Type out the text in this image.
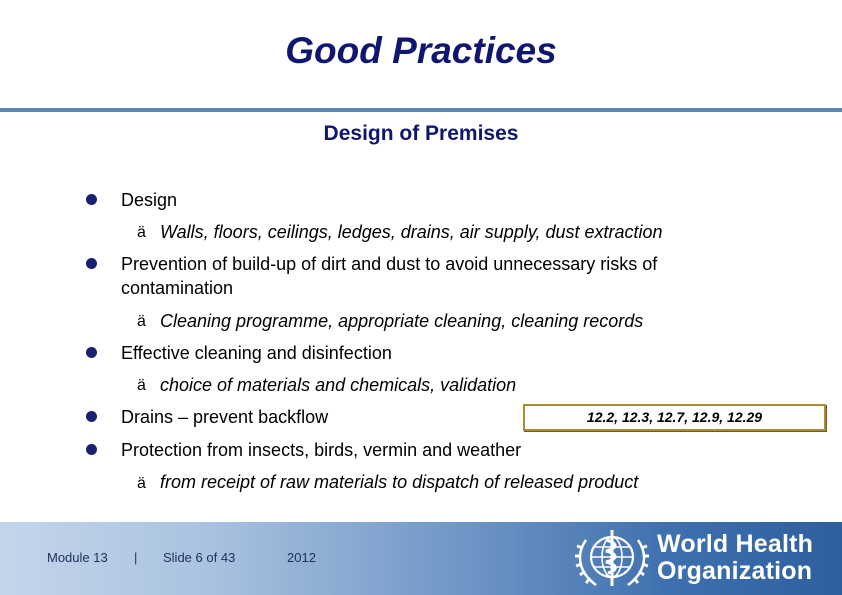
Good Practices
Design of Premises
Design
ä Walls, floors, ceilings, ledges, drains, air supply, dust extraction
Prevention of build-up of dirt and dust to avoid unnecessary risks of
contamination
ä Cleaning programme, appropriate cleaning, cleaning records
Effective cleaning and disinfection
ä choice of materials and chemicals, validation
Drains – prevent backflow	12.2, 12.3, 12.7, 12.9, 12.29
Protection from insects, birds, vermin and weather
ä from receipt of raw materials to dispatch of released product
Module 13 | Slide 6 of 43	2012	World Health
Organization
